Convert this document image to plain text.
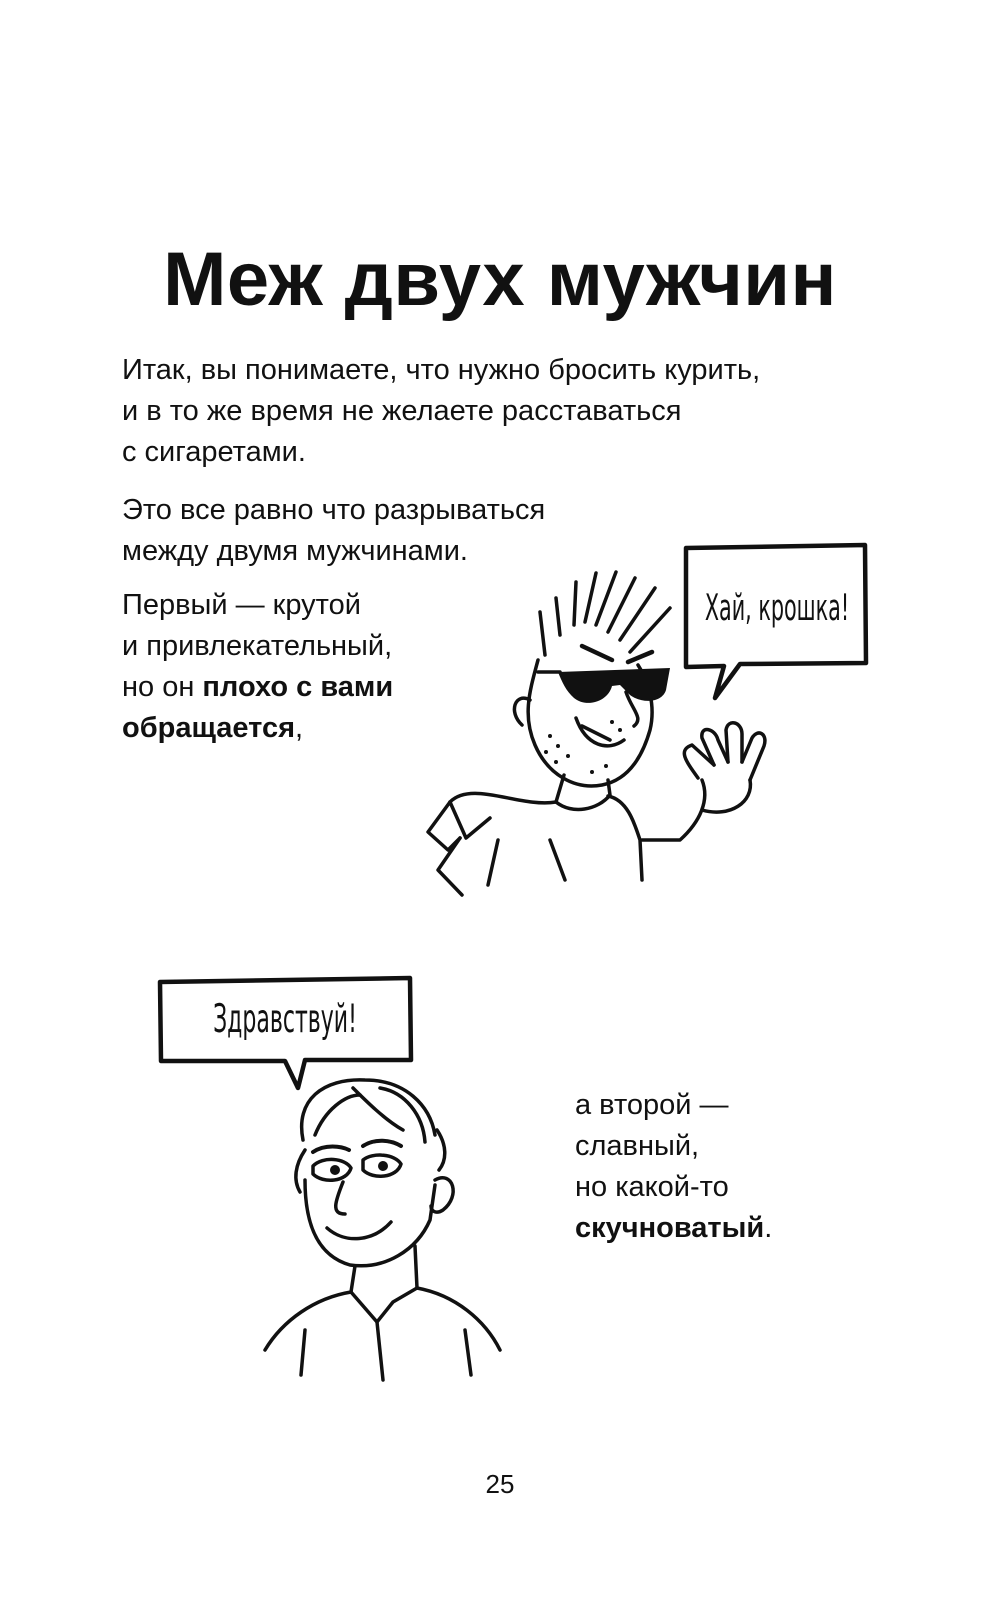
Меж двух мужчин

Итак, вы понимаете, что нужно бросить курить,
и в то же время не желаете расставаться
с сигаретами.

Это все равно что разрываться
между двумя мужчинами.

Первый — крутой
и привлекательный,
но он плохо с вами
обращается,

а второй —
славный,
но какой-то
скучноватый.

Хай, крошка!
Здравствуй!

25
